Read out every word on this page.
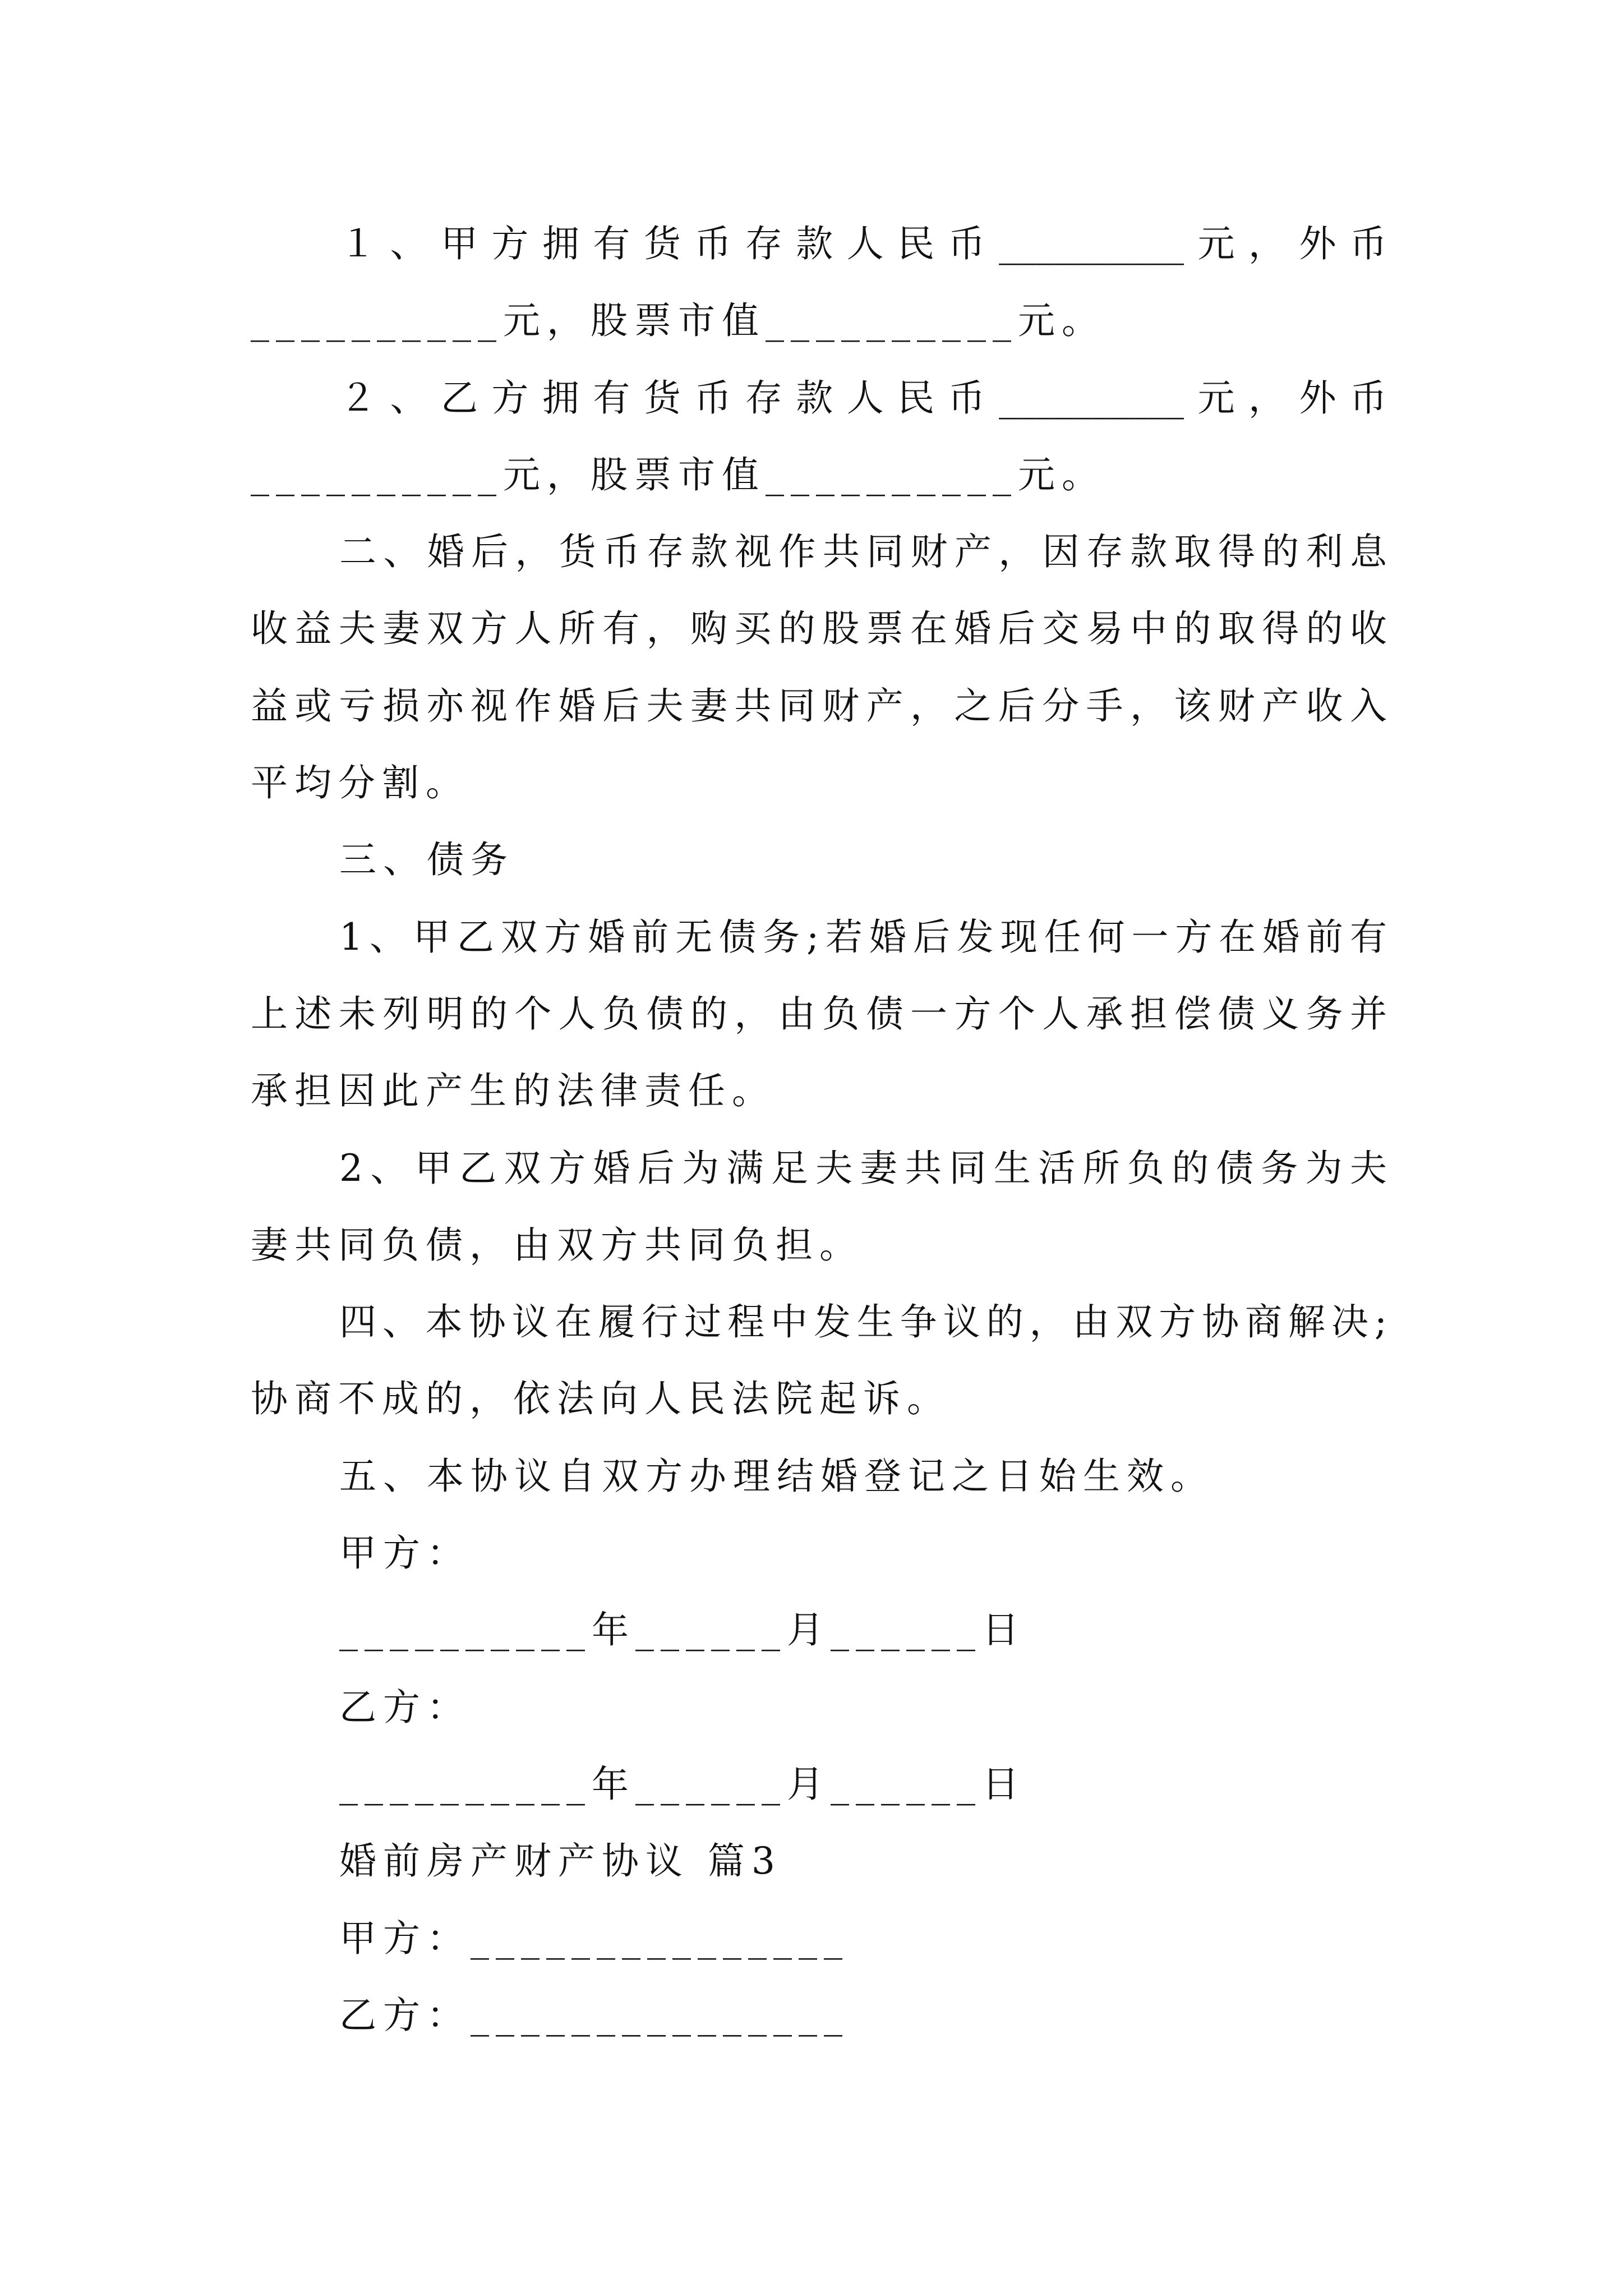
１、甲方拥有货币存款人民币__________元，外币
__________元，股票市值__________元。
２、乙方拥有货币存款人民币__________元，外币
__________元，股票市值__________元。
二、婚后，货币存款视作共同财产，因存款取得的利息
收益夫妻双方人所有，购买的股票在婚后交易中的取得的收
益或亏损亦视作婚后夫妻共同财产，之后分手，该财产收入
平均分割。
三、债务
1、甲乙双方婚前无债务;若婚后发现任何一方在婚前有
上述未列明的个人负债的，由负债一方个人承担偿债义务并
承担因此产生的法律责任。
2、甲乙双方婚后为满足夫妻共同生活所负的债务为夫
妻共同负债，由双方共同负担。
四、本协议在履行过程中发生争议的，由双方协商解决;
协商不成的，依法向人民法院起诉。
五、本协议自双方办理结婚登记之日始生效。
甲方：
__________年______月______日
乙方：
__________年______月______日
婚前房产财产协议 篇3
甲方：_______________
乙方：_______________
